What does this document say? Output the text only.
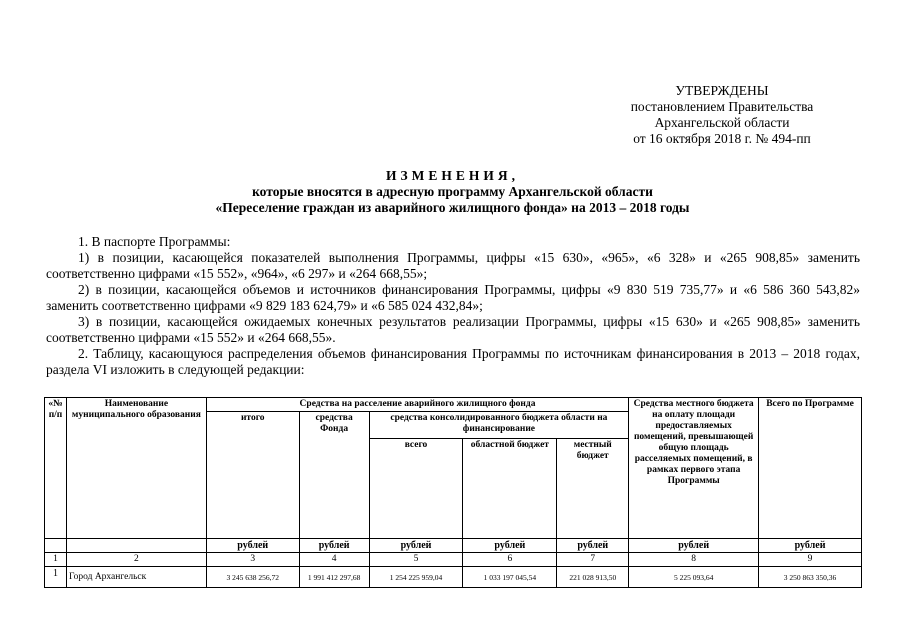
УТВЕРЖДЕНЫ
постановлением Правительства
Архангельской области
от 16 октября 2018 г. № 494-пп
ИЗМЕНЕНИЯ,
которые вносятся в адресную программу Архангельской области
«Переселение граждан из аварийного жилищного фонда» на 2013 – 2018 годы

1. В паспорте Программы:

1) в позиции, касающейся показателей выполнения Программы, цифры «15 630», «965», «6 328» и «265 908,85» заменить соответственно цифрами «15 552», «964», «6 297» и «264 668,55»;

2) в позиции, касающейся объемов и источников финансирования Программы, цифры «9 830 519 735,77» и «6 586 360 543,82» заменить соответственно цифрами «9 829 183 624,79» и «6 585 024 432,84»;

3) в позиции, касающейся ожидаемых конечных результатов реализации Программы, цифры «15 630» и «265 908,85» заменить соответственно цифрами «15 552» и «264 668,55».

2. Таблицу, касающуюся распределения объемов финансирования Программы по источникам финансирования в 2013 – 2018 годах, раздела VI изложить в следующей редакции:

«№ п/п	Наименование муниципального образования	Средства на расселение аварийного жилищного фонда					Средства местного бюджета на оплату площади предоставляемых помещений, превышающей общую площадь расселяемых помещений, в рамках первого этапа Программы	Всего по Программе
		итого	средства Фонда	средства консолидированного бюджета области на финансирование				
				всего	областной бюджет	местный бюджет		
		рублей	рублей	рублей	рублей	рублей	рублей	рублей
1	2	3	4	5	6	7	8	9
1	Город Архангельск	3 245 638 256,72	1 991 412 297,68	1 254 225 959,04	1 033 197 045,54	221 028 913,50	5 225 093,64	3 250 863 350,36
